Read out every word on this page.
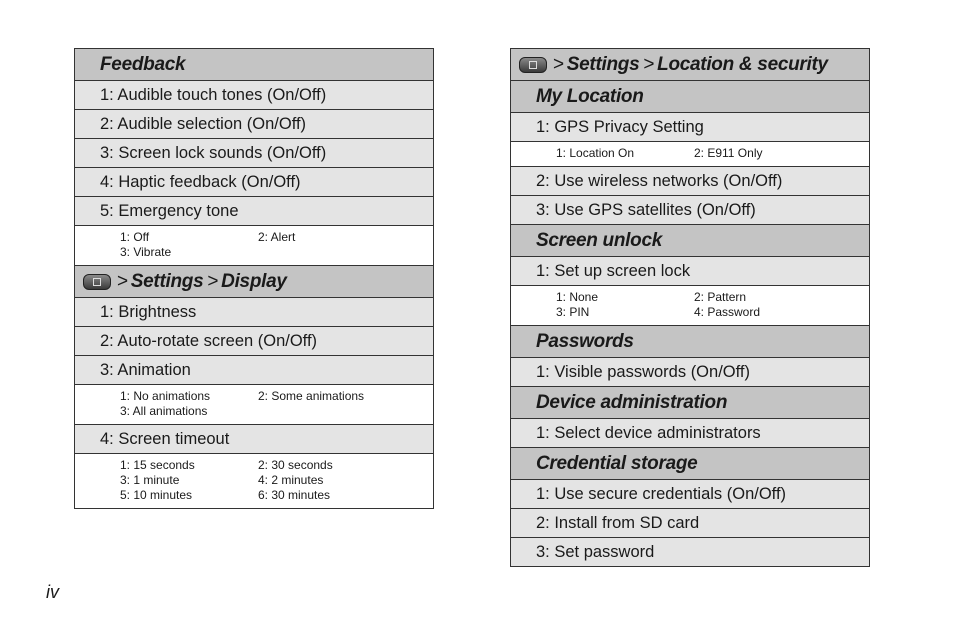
Feedback
1: Audible touch tones (On/Off)
2: Audible selection (On/Off)
3: Screen lock sounds (On/Off)
4: Haptic feedback (On/Off)
5: Emergency tone
1: Off	2: Alert
3: Vibrate
> Settings > Display
1: Brightness
2: Auto-rotate screen (On/Off)
3: Animation
1: No animations	2: Some animations
3: All animations
4: Screen timeout
1: 15 seconds	2: 30 seconds
3: 1 minute	4: 2 minutes
5: 10 minutes	6: 30 minutes
> Settings > Location & security
My Location
1: GPS Privacy Setting
1: Location On	2: E911 Only
2: Use wireless networks (On/Off)
3: Use GPS satellites (On/Off)
Screen unlock
1: Set up screen lock
1: None	2: Pattern
3: PIN	4: Password
Passwords
1: Visible passwords (On/Off)
Device administration
1: Select device administrators
Credential storage
1: Use secure credentials (On/Off)
2: Install from SD card
3: Set password
iv
